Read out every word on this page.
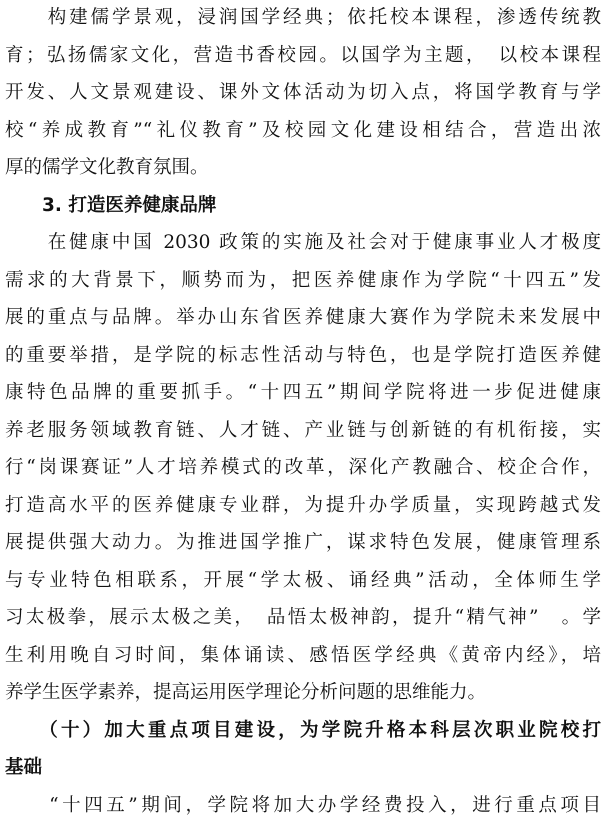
　　构建儒学景观，浸润国学经典；依托校本课程，渗透传统教
育；弘扬儒家文化，营造书香校园。以国学为主题，　以校本课程
开发、人文景观建设、课外文体活动为切入点，将国学教育与学
校“养成教育”“礼仪教育”及校园文化建设相结合，营造出浓
厚的儒学文化教育氛围。
　　3. 打造医养健康品牌
　　在健康中国 2030 政策的实施及社会对于健康事业人才极度
需求的大背景下，顺势而为，把医养健康作为学院“十四五”发
展的重点与品牌。举办山东省医养健康大赛作为学院未来发展中
的重要举措，是学院的标志性活动与特色，也是学院打造医养健
康特色品牌的重要抓手。“十四五”期间学院将进一步促进健康
养老服务领域教育链、人才链、产业链与创新链的有机衔接，实
行“岗课赛证”人才培养模式的改革，深化产教融合、校企合作，
打造高水平的医养健康专业群，为提升办学质量，实现跨越式发
展提供强大动力。为推进国学推广，谋求特色发展，健康管理系
与专业特色相联系，开展“学太极、诵经典”活动，全体师生学
习太极拳，展示太极之美，　品悟太极神韵，提升“精气神”　。学
生利用晚自习时间，集体诵读、感悟医学经典《黄帝内经》，培
养学生医学素养，提高运用医学理论分析问题的思维能力。
　　（十）加大重点项目建设，为学院升格本科层次职业院校打
基础
　　“十四五”期间，学院将加大办学经费投入，进行重点项目
